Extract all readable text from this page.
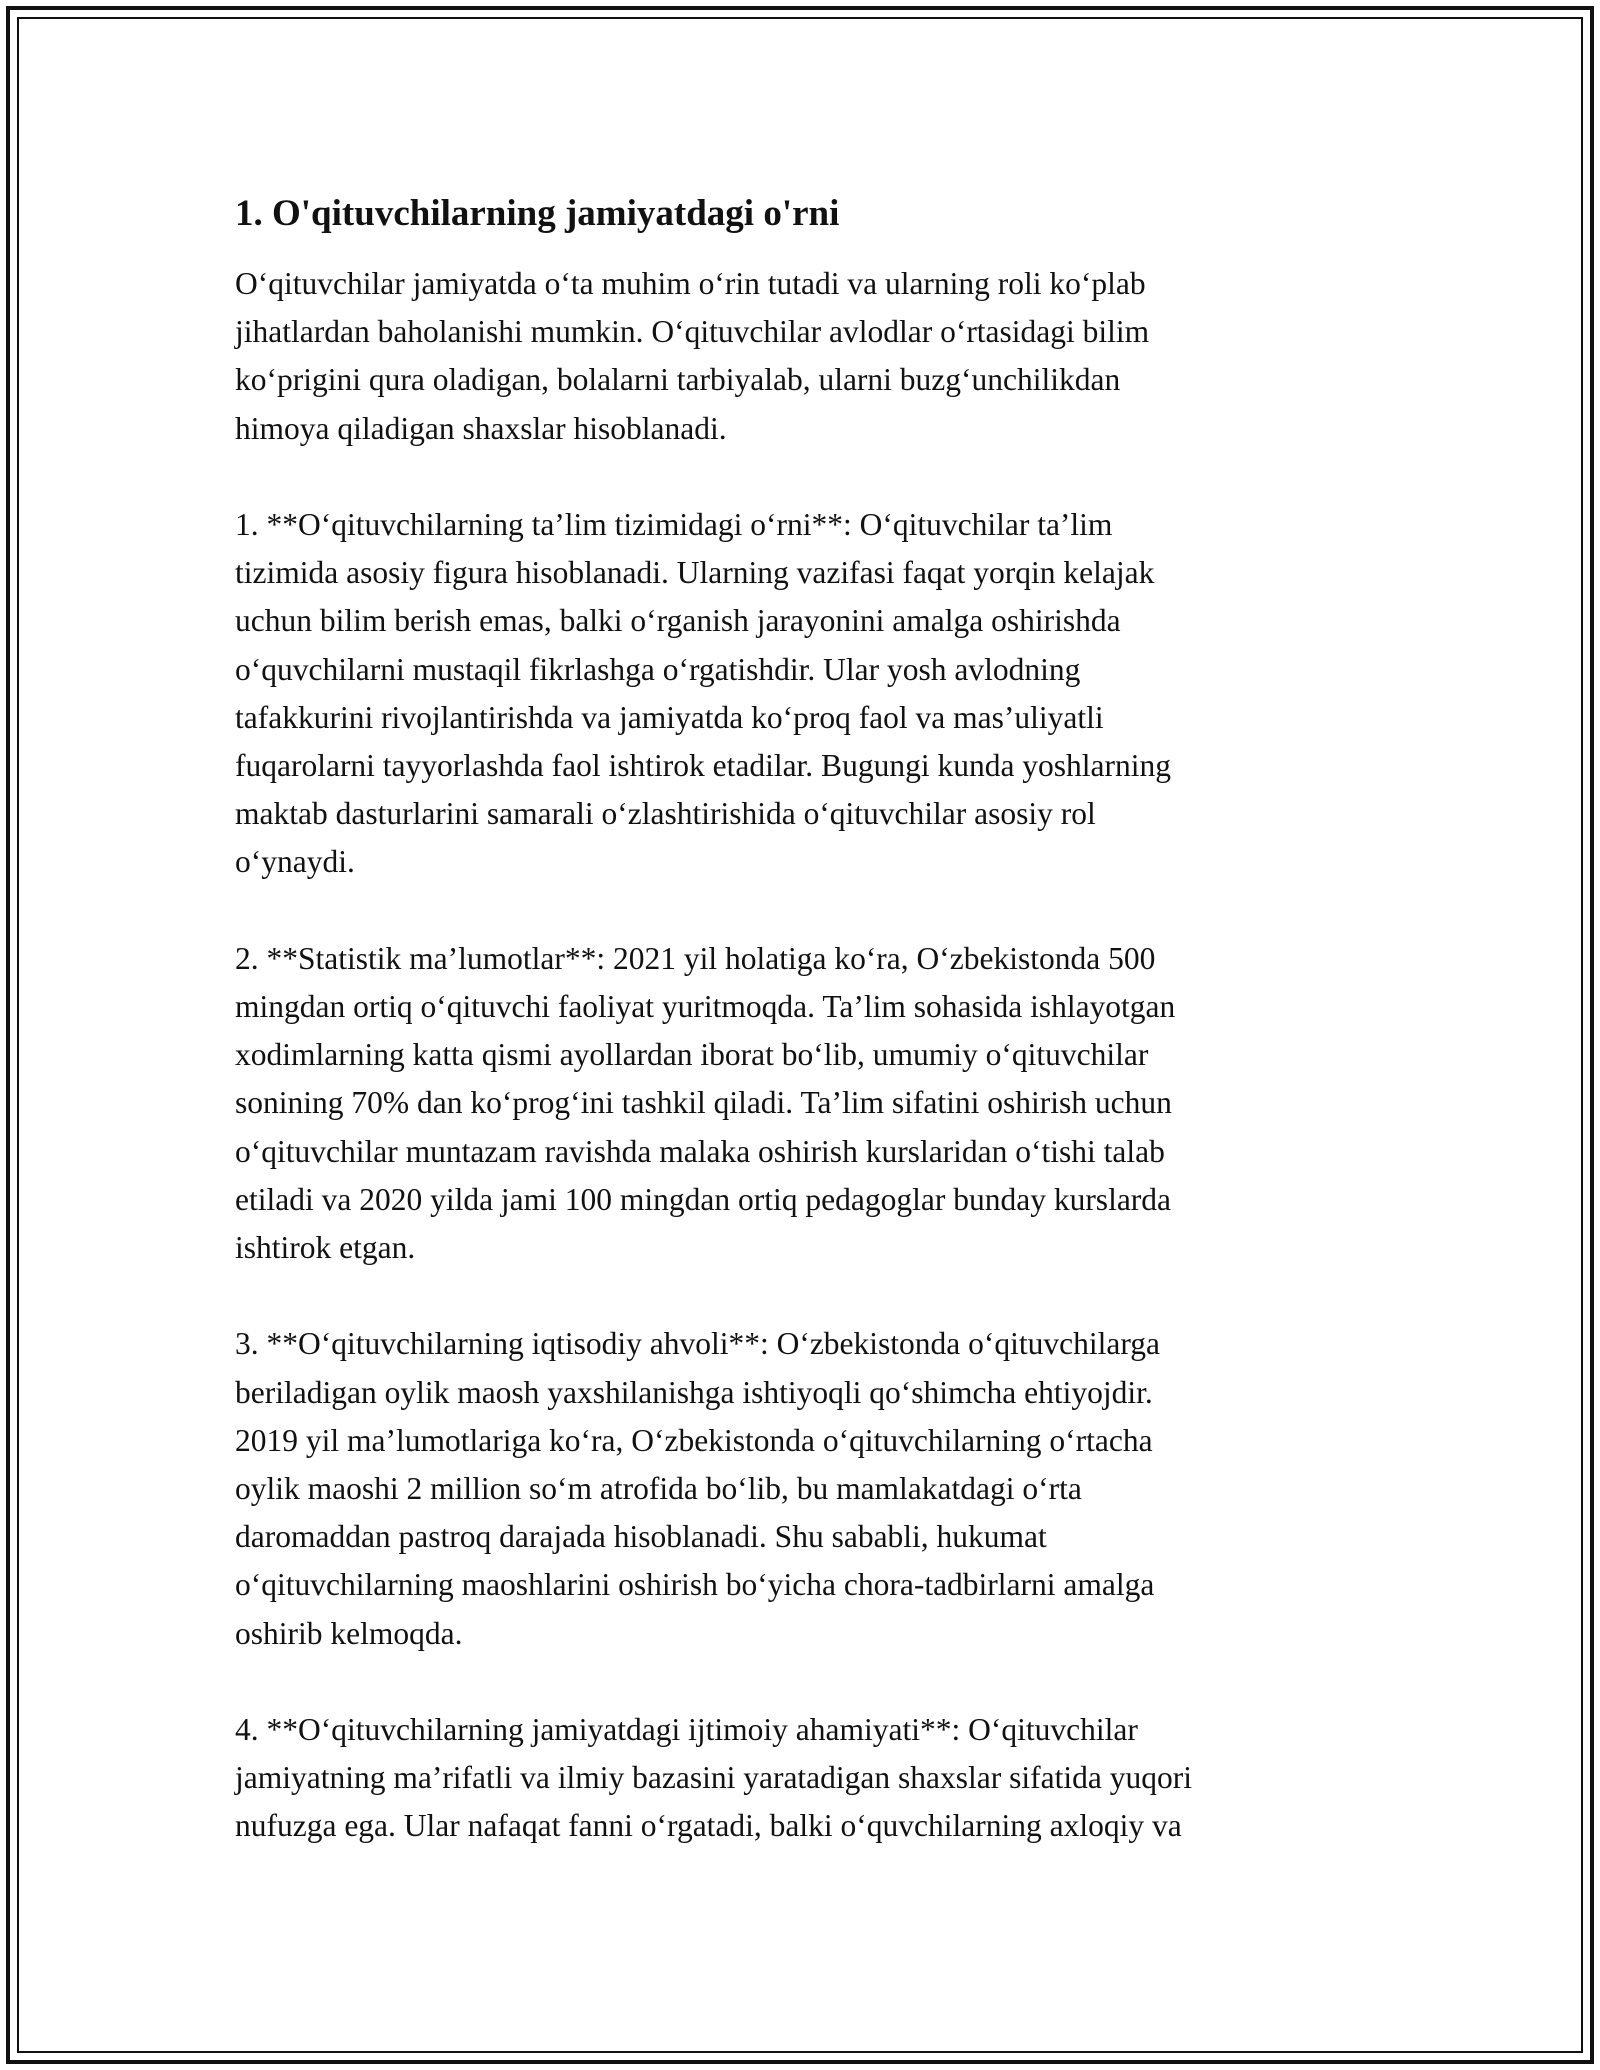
1. O'qituvchilarning jamiyatdagi o'rni

O‘qituvchilar jamiyatda o‘ta muhim o‘rin tutadi va ularning roli ko‘plab
jihatlardan baholanishi mumkin. O‘qituvchilar avlodlar o‘rtasidagi bilim
ko‘prigini qura oladigan, bolalarni tarbiyalab, ularni buzg‘unchilikdan
himoya qiladigan shaxslar hisoblanadi.

1. **O‘qituvchilarning ta’lim tizimidagi o‘rni**: O‘qituvchilar ta’lim
tizimida asosiy figura hisoblanadi. Ularning vazifasi faqat yorqin kelajak
uchun bilim berish emas, balki o‘rganish jarayonini amalga oshirishda
o‘quvchilarni mustaqil fikrlashga o‘rgatishdir. Ular yosh avlodning
tafakkurini rivojlantirishda va jamiyatda ko‘proq faol va mas’uliyatli
fuqarolarni tayyorlashda faol ishtirok etadilar. Bugungi kunda yoshlarning
maktab dasturlarini samarali o‘zlashtirishida o‘qituvchilar asosiy rol
o‘ynaydi.

2. **Statistik ma’lumotlar**: 2021 yil holatiga ko‘ra, O‘zbekistonda 500
mingdan ortiq o‘qituvchi faoliyat yuritmoqda. Ta’lim sohasida ishlayotgan
xodimlarning katta qismi ayollardan iborat bo‘lib, umumiy o‘qituvchilar
sonining 70% dan ko‘prog‘ini tashkil qiladi. Ta’lim sifatini oshirish uchun
o‘qituvchilar muntazam ravishda malaka oshirish kurslaridan o‘tishi talab
etiladi va 2020 yilda jami 100 mingdan ortiq pedagoglar bunday kurslarda
ishtirok etgan.

3. **O‘qituvchilarning iqtisodiy ahvoli**: O‘zbekistonda o‘qituvchilarga
beriladigan oylik maosh yaxshilanishga ishtiyoqli qo‘shimcha ehtiyojdir.
2019 yil ma’lumotlariga ko‘ra, O‘zbekistonda o‘qituvchilarning o‘rtacha
oylik maoshi 2 million so‘m atrofida bo‘lib, bu mamlakatdagi o‘rta
daromaddan pastroq darajada hisoblanadi. Shu sababli, hukumat
o‘qituvchilarning maoshlarini oshirish bo‘yicha chora-tadbirlarni amalga
oshirib kelmoqda.

4. **O‘qituvchilarning jamiyatdagi ijtimoiy ahamiyati**: O‘qituvchilar
jamiyatning ma’rifatli va ilmiy bazasini yaratadigan shaxslar sifatida yuqori
nufuzga ega. Ular nafaqat fanni o‘rgatadi, balki o‘quvchilarning axloqiy va
